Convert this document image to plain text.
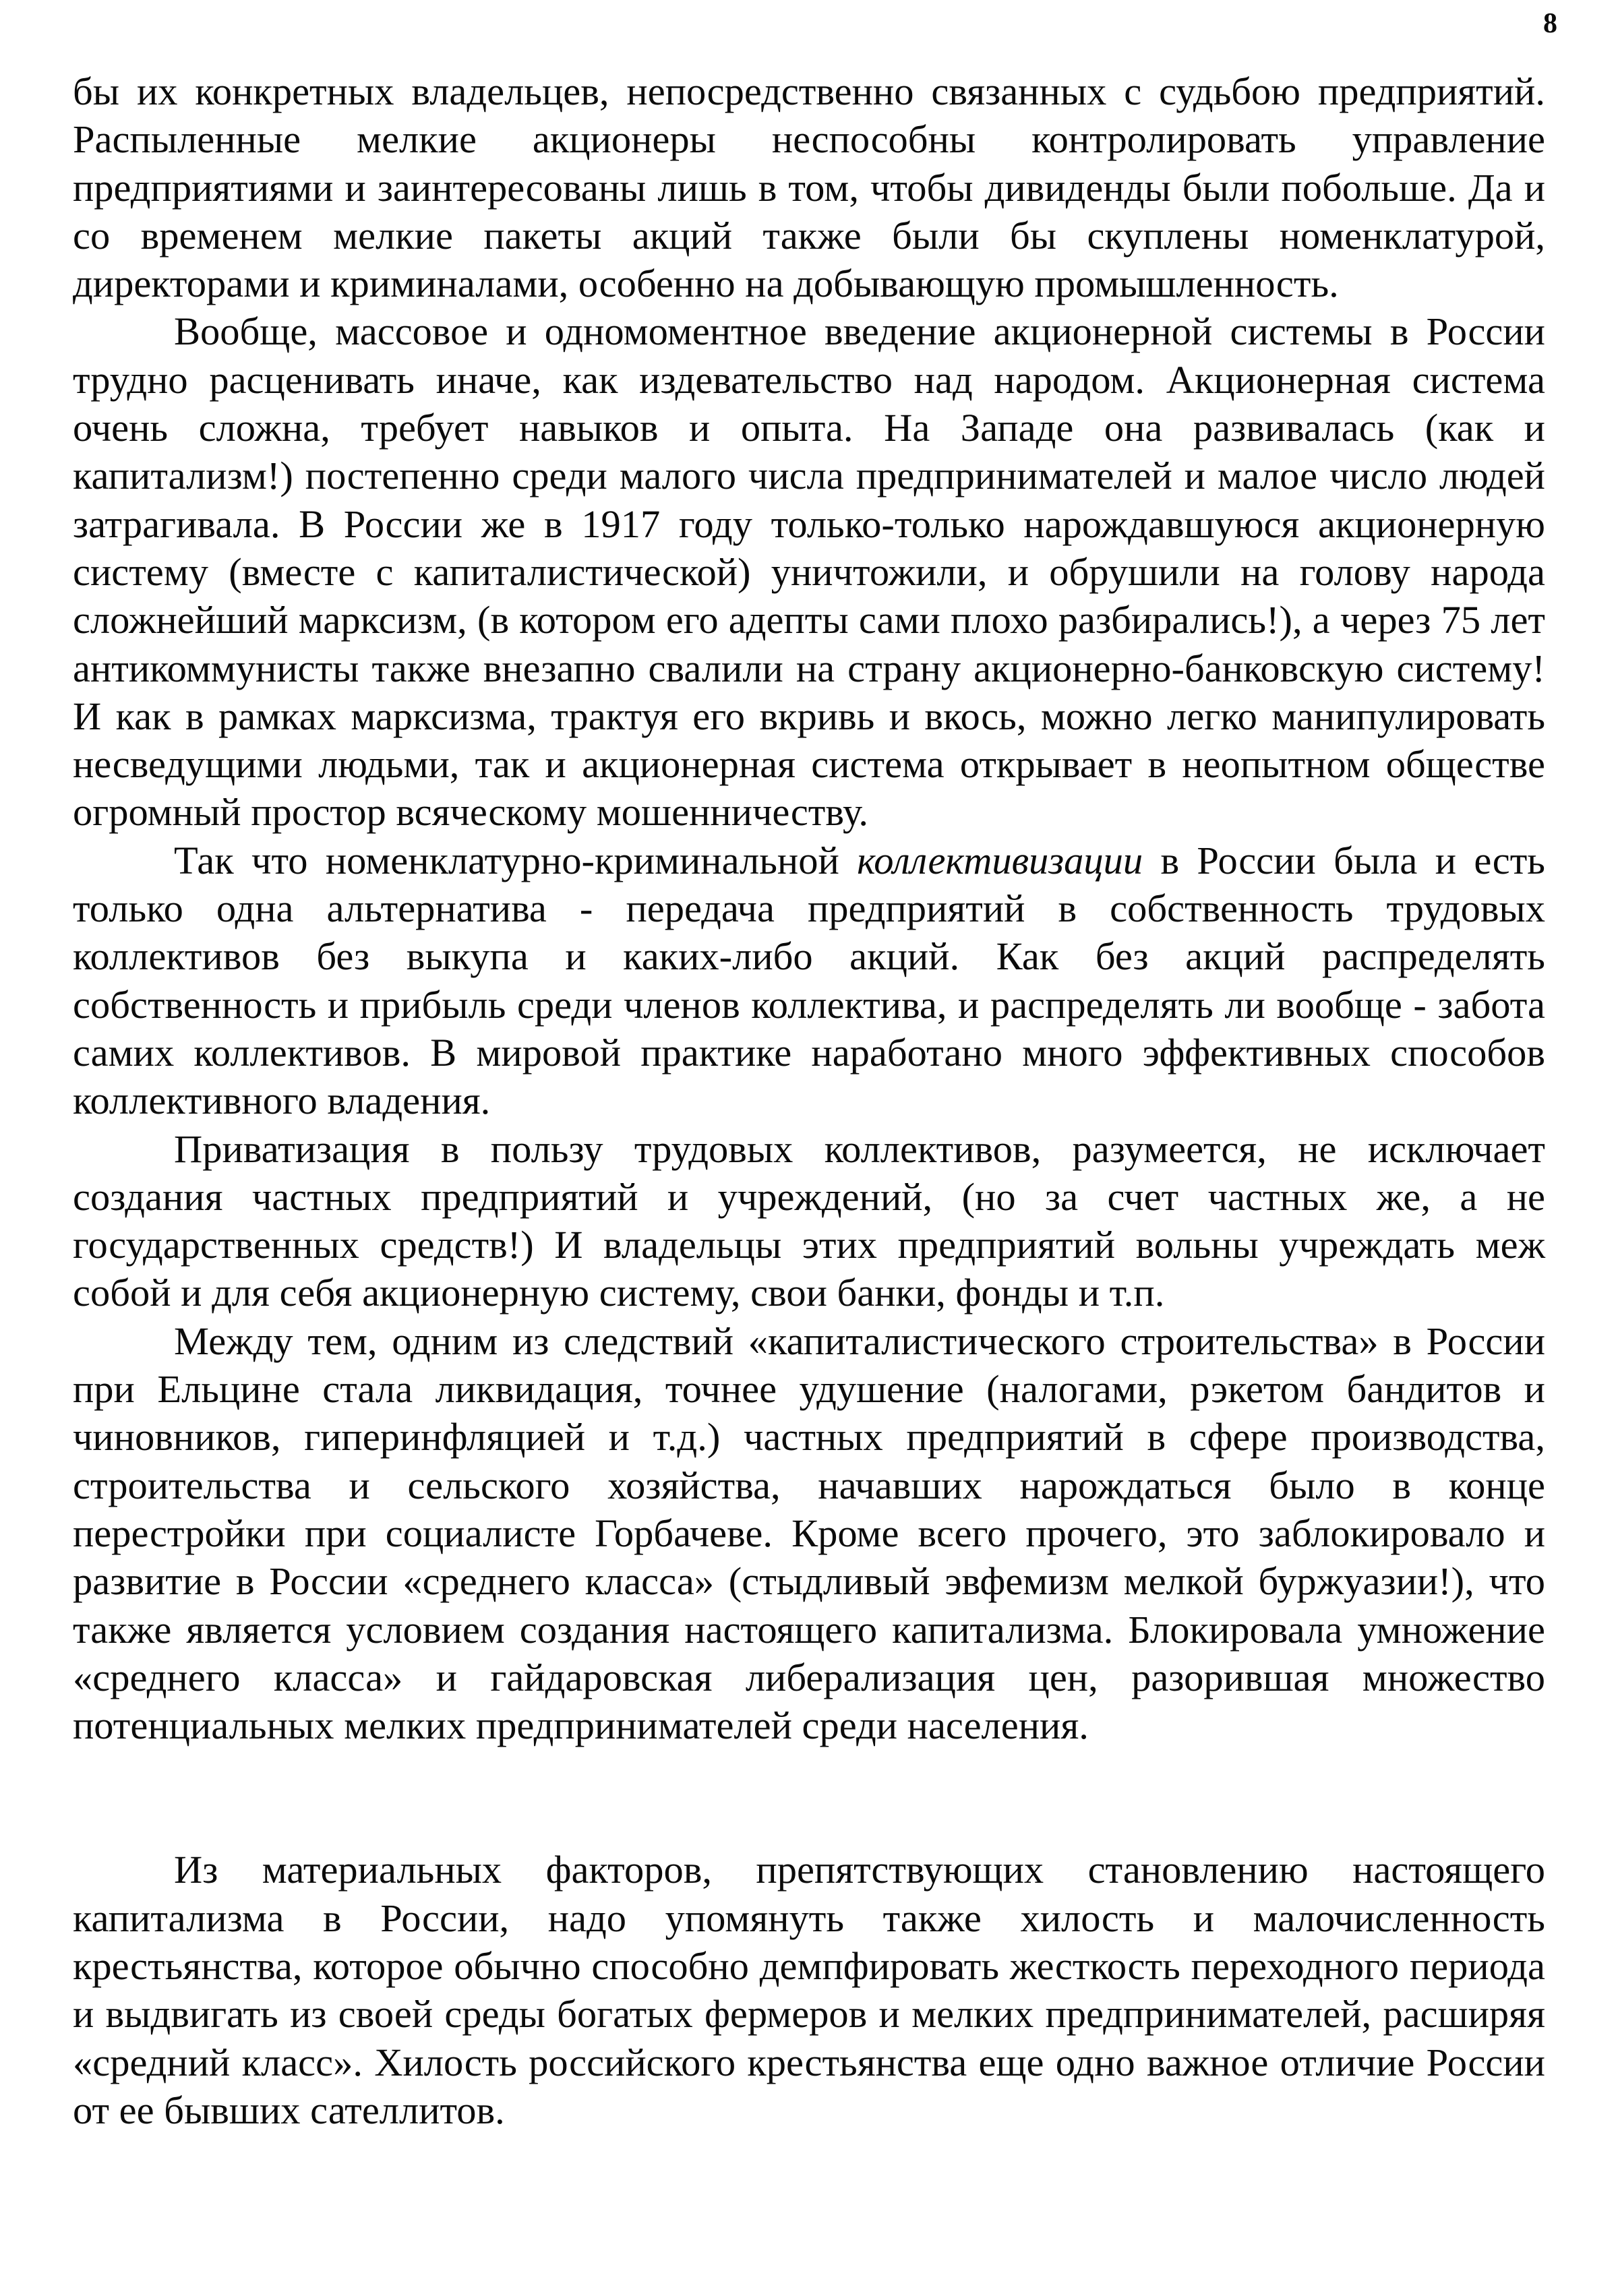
8

бы их конкретных владельцев, непосредственно связанных с судьбою предприятий. Распыленные мелкие акционеры неспособны контролировать управление предприятиями и заинтересованы лишь в том, чтобы дивиденды были побольше. Да и со временем мелкие пакеты акций также были бы скуплены номенклатурой, директорами и криминалами, особенно на добывающую промышленность.

Вообще, массовое и одномоментное введение акционерной системы в России трудно расценивать иначе, как издевательство над народом. Акционерная система очень сложна, требует навыков и опыта. На Западе она развивалась (как и капитализм!) постепенно среди малого числа предпринимателей и малое число людей затрагивала. В России же в 1917 году только-только нарождавшуюся акционерную систему (вместе с капиталистической) уничтожили, и обрушили на голову народа сложнейший марксизм, (в котором его адепты сами плохо разбирались!), а через 75 лет антикоммунисты также внезапно свалили на страну акционерно-банковскую систему! И как в рамках марксизма, трактуя его вкривь и вкось, можно легко манипулировать несведущими людьми, так и акционерная система открывает в неопытном обществе огромный простор всяческому мошенничеству.

Так что номенклатурно-криминальной коллективизации в России была и есть только одна альтернатива - передача предприятий в собственность трудовых коллективов без выкупа и каких-либо акций. Как без акций распределять собственность и прибыль среди членов коллектива, и распределять ли вообще - забота самих коллективов. В мировой практике наработано много эффективных способов коллективного владения.

Приватизация в пользу трудовых коллективов, разумеется, не исключает создания частных предприятий и учреждений, (но за счет частных же, а не государственных средств!) И владельцы этих предприятий вольны учреждать меж собой и для себя акционерную систему, свои банки, фонды и т.п.

Между тем, одним из следствий «капиталистического строительства» в России при Ельцине стала ликвидация, точнее удушение (налогами, рэкетом бандитов и чиновников, гиперинфляцией и т.д.) частных предприятий в сфере производства, строительства и сельского хозяйства, начавших нарождаться было в конце перестройки при социалисте Горбачеве. Кроме всего прочего, это заблокировало и развитие в России «среднего класса» (стыдливый эвфемизм мелкой буржуазии!), что также является условием создания настоящего капитализма. Блокировала умножение «среднего класса» и гайдаровская либерализация цен, разорившая множество потенциальных мелких предпринимателей среди населения.

Из материальных факторов, препятствующих становлению настоящего капитализма в России, надо упомянуть также хилость и малочисленность крестьянства, которое обычно способно демпфировать жесткость переходного периода и выдвигать из своей среды богатых фермеров и мелких предпринимателей, расширяя «средний класс». Хилость российского крестьянства еще одно важное отличие России от ее бывших сателлитов.
